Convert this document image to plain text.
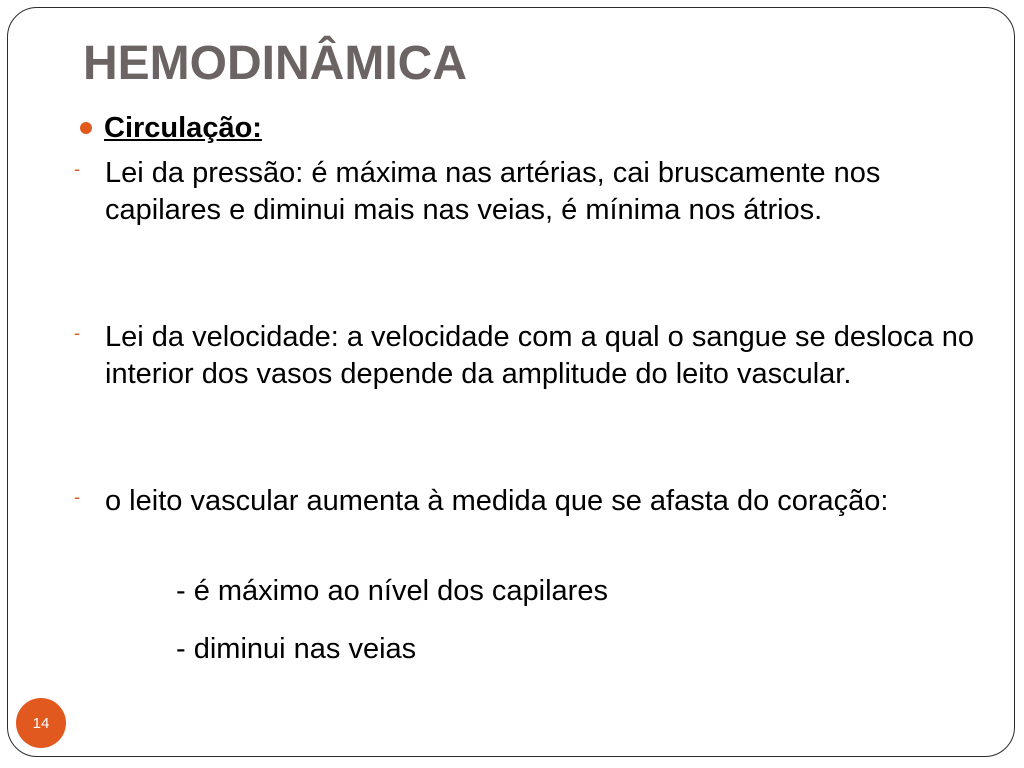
HEMODINÂMICA
Circulação:
- Lei da pressão: é máxima nas artérias, cai bruscamente nos capilares e diminui mais nas veias, é mínima nos átrios.
- Lei da velocidade: a velocidade com a qual o sangue se desloca no interior dos vasos depende da amplitude do leito vascular.
- o leito vascular aumenta à medida que se afasta do coração:
- é máximo ao nível dos capilares
- diminui nas veias
14
